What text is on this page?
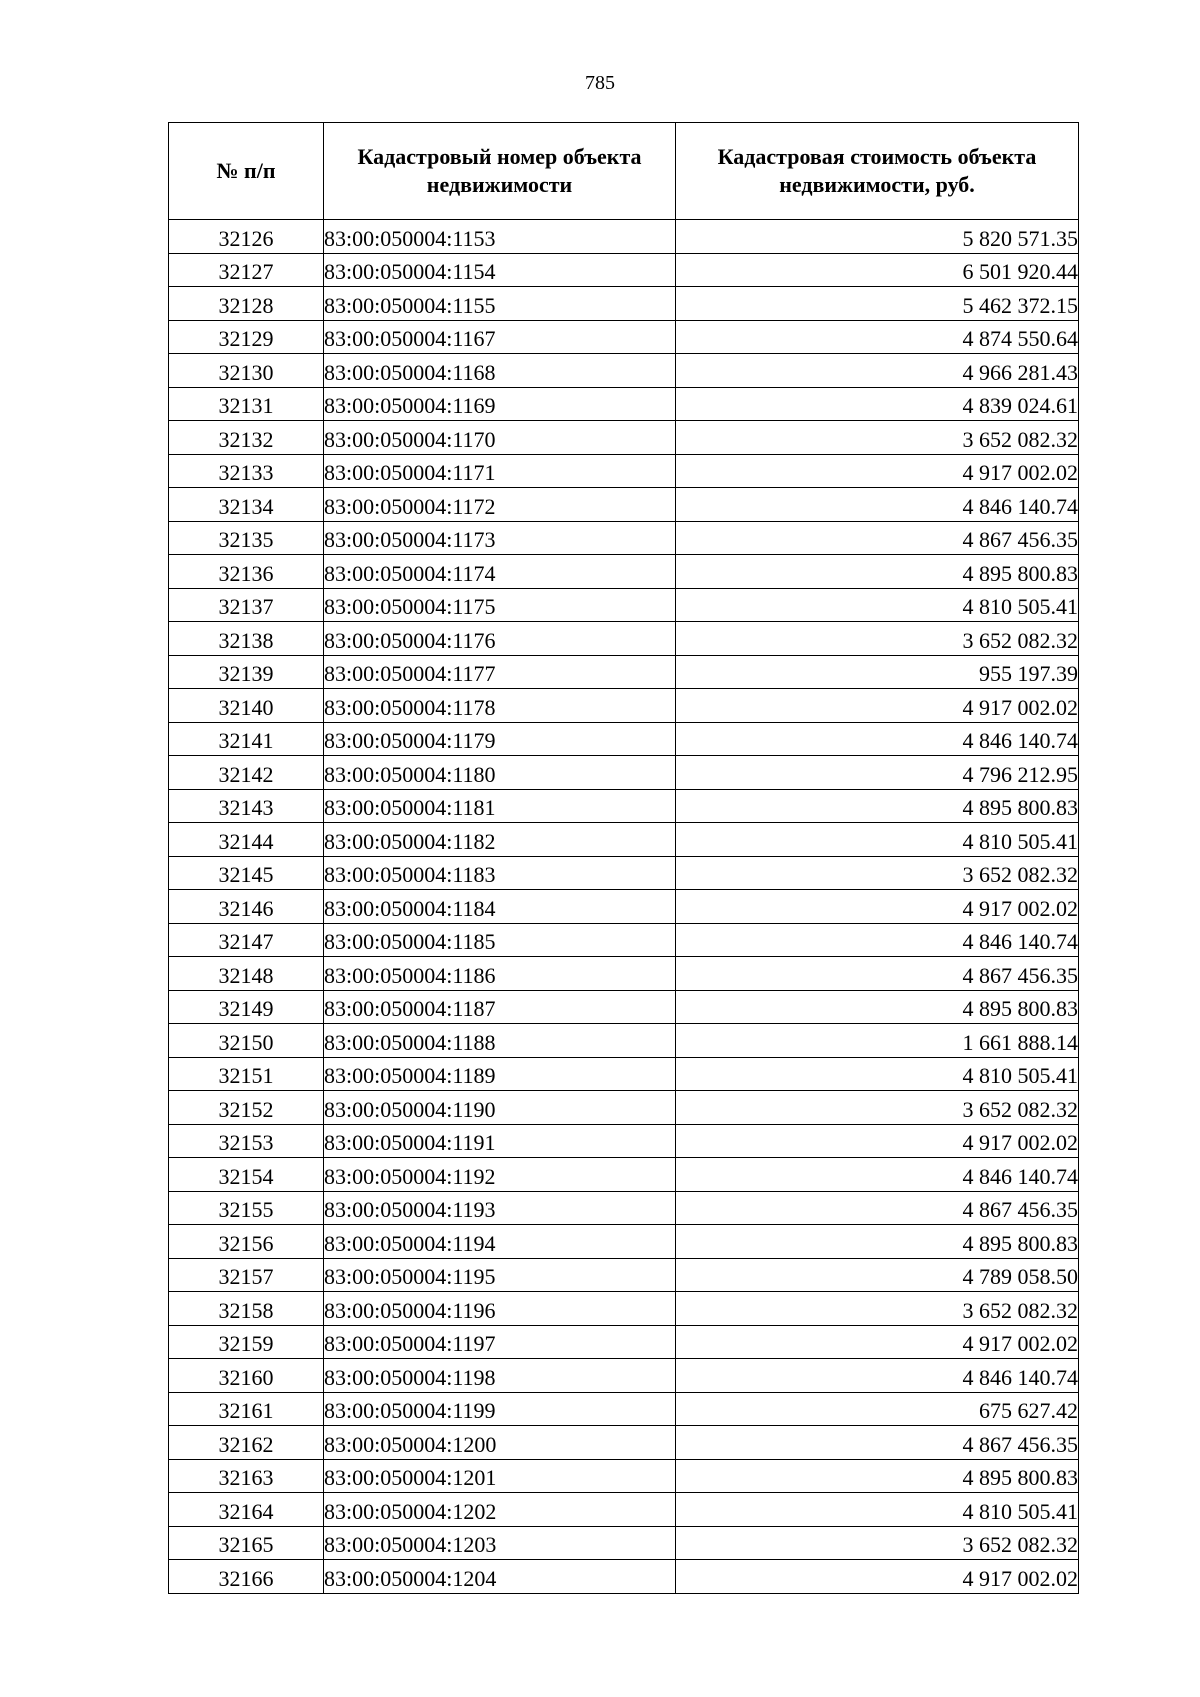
785
№ п/п	Кадастровый номер объекта недвижимости	Кадастровая стоимость объекта недвижимости, руб.
32126	83:00:050004:1153	5 820 571.35
32127	83:00:050004:1154	6 501 920.44
32128	83:00:050004:1155	5 462 372.15
32129	83:00:050004:1167	4 874 550.64
32130	83:00:050004:1168	4 966 281.43
32131	83:00:050004:1169	4 839 024.61
32132	83:00:050004:1170	3 652 082.32
32133	83:00:050004:1171	4 917 002.02
32134	83:00:050004:1172	4 846 140.74
32135	83:00:050004:1173	4 867 456.35
32136	83:00:050004:1174	4 895 800.83
32137	83:00:050004:1175	4 810 505.41
32138	83:00:050004:1176	3 652 082.32
32139	83:00:050004:1177	955 197.39
32140	83:00:050004:1178	4 917 002.02
32141	83:00:050004:1179	4 846 140.74
32142	83:00:050004:1180	4 796 212.95
32143	83:00:050004:1181	4 895 800.83
32144	83:00:050004:1182	4 810 505.41
32145	83:00:050004:1183	3 652 082.32
32146	83:00:050004:1184	4 917 002.02
32147	83:00:050004:1185	4 846 140.74
32148	83:00:050004:1186	4 867 456.35
32149	83:00:050004:1187	4 895 800.83
32150	83:00:050004:1188	1 661 888.14
32151	83:00:050004:1189	4 810 505.41
32152	83:00:050004:1190	3 652 082.32
32153	83:00:050004:1191	4 917 002.02
32154	83:00:050004:1192	4 846 140.74
32155	83:00:050004:1193	4 867 456.35
32156	83:00:050004:1194	4 895 800.83
32157	83:00:050004:1195	4 789 058.50
32158	83:00:050004:1196	3 652 082.32
32159	83:00:050004:1197	4 917 002.02
32160	83:00:050004:1198	4 846 140.74
32161	83:00:050004:1199	675 627.42
32162	83:00:050004:1200	4 867 456.35
32163	83:00:050004:1201	4 895 800.83
32164	83:00:050004:1202	4 810 505.41
32165	83:00:050004:1203	3 652 082.32
32166	83:00:050004:1204	4 917 002.02
